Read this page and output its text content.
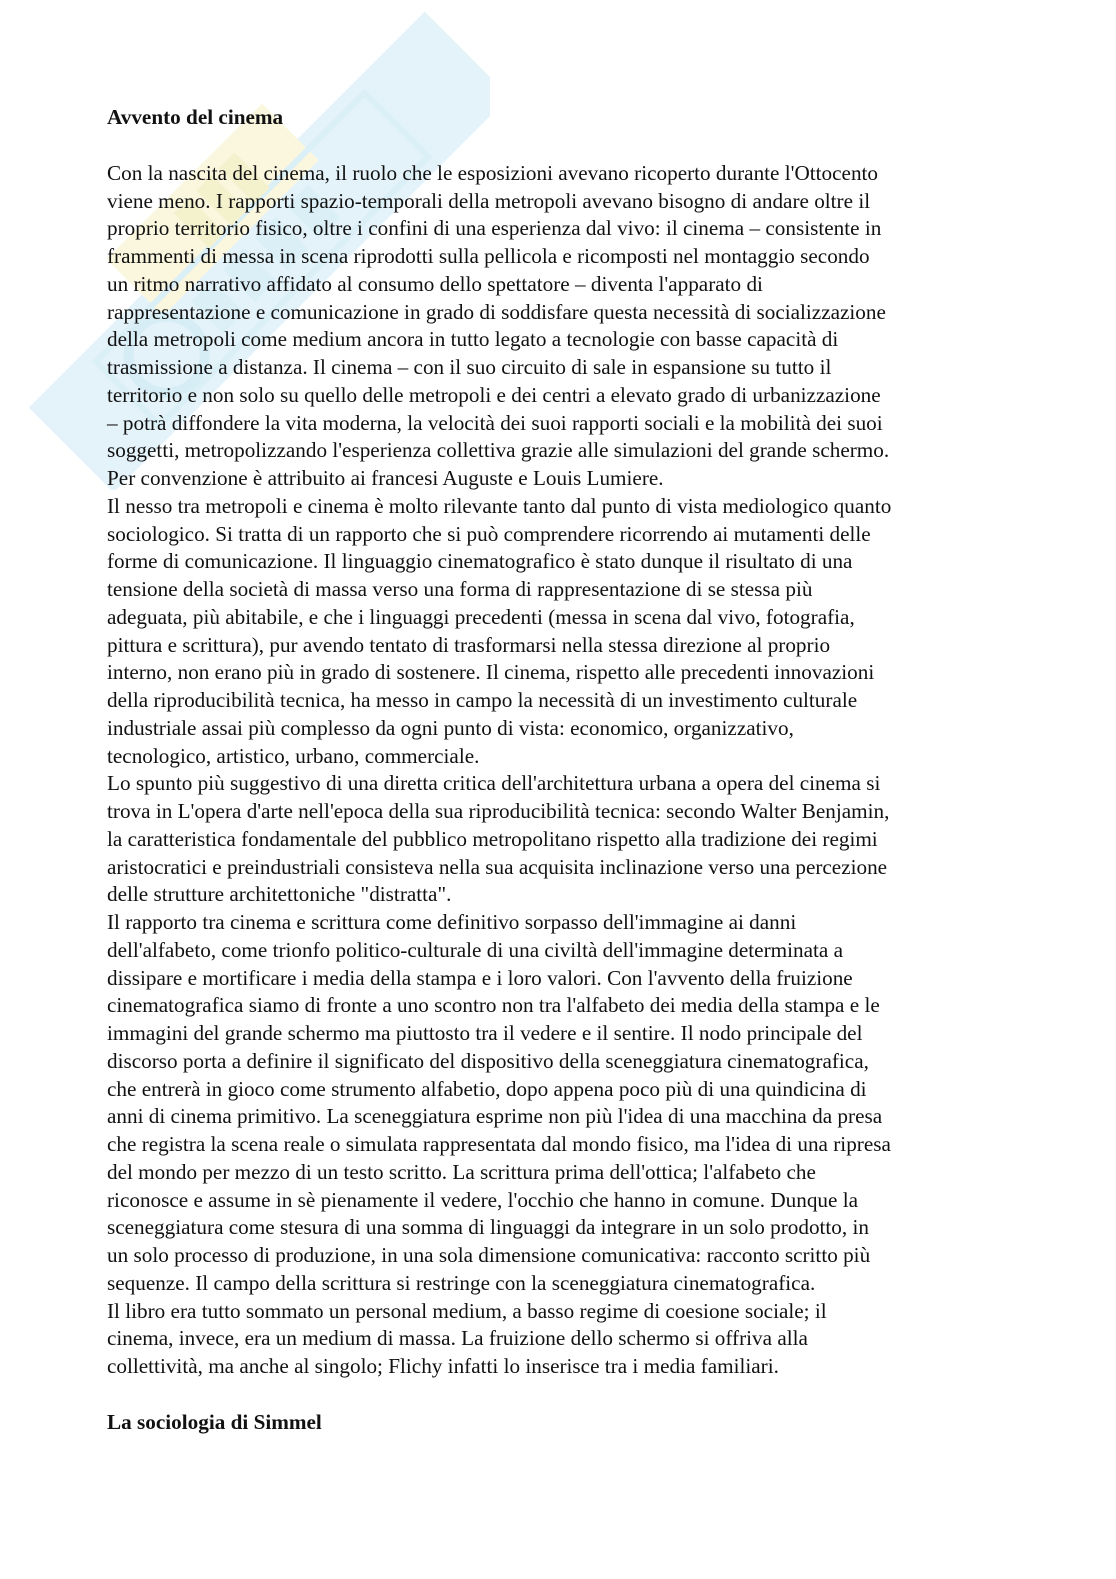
Avvento del cinema

Con la nascita del cinema, il ruolo che le esposizioni avevano ricoperto durante l'Ottocento
viene meno. I rapporti spazio-temporali della metropoli avevano bisogno di andare oltre il
proprio territorio fisico, oltre i confini di una esperienza dal vivo: il cinema – consistente in
frammenti di messa in scena riprodotti sulla pellicola e ricomposti nel montaggio secondo
un ritmo narrativo affidato al consumo dello spettatore – diventa l'apparato di
rappresentazione e comunicazione in grado di soddisfare questa necessità di socializzazione
della metropoli come medium ancora in tutto legato a tecnologie con basse capacità di
trasmissione a distanza. Il cinema – con il suo circuito di sale in espansione su tutto il
territorio e non solo su quello delle metropoli e dei centri a elevato grado di urbanizzazione
– potrà diffondere la vita moderna, la velocità dei suoi rapporti sociali e la mobilità dei suoi
soggetti, metropolizzando l'esperienza collettiva grazie alle simulazioni del grande schermo.
Per convenzione è attribuito ai francesi Auguste e Louis Lumiere.

Il nesso tra metropoli e cinema è molto rilevante tanto dal punto di vista mediologico quanto
sociologico. Si tratta di un rapporto che si può comprendere ricorrendo ai mutamenti delle
forme di comunicazione. Il linguaggio cinematografico è stato dunque il risultato di una
tensione della società di massa verso una forma di rappresentazione di se stessa più
adeguata, più abitabile, e che i linguaggi precedenti (messa in scena dal vivo, fotografia,
pittura e scrittura), pur avendo tentato di trasformarsi nella stessa direzione al proprio
interno, non erano più in grado di sostenere. Il cinema, rispetto alle precedenti innovazioni
della riproducibilità tecnica, ha messo in campo la necessità di un investimento culturale
industriale assai più complesso da ogni punto di vista: economico, organizzativo,
tecnologico, artistico, urbano, commerciale.

Lo spunto più suggestivo di una diretta critica dell'architettura urbana a opera del cinema si
trova in L'opera d'arte nell'epoca della sua riproducibilità tecnica: secondo Walter Benjamin,
la caratteristica fondamentale del pubblico metropolitano rispetto alla tradizione dei regimi
aristocratici e preindustriali consisteva nella sua acquisita inclinazione verso una percezione
delle strutture architettoniche "distratta".

Il rapporto tra cinema e scrittura come definitivo sorpasso dell'immagine ai danni
dell'alfabeto, come trionfo politico-culturale di una civiltà dell'immagine determinata a
dissipare e mortificare i media della stampa e i loro valori. Con l'avvento della fruizione
cinematografica siamo di fronte a uno scontro non tra l'alfabeto dei media della stampa e le
immagini del grande schermo ma piuttosto tra il vedere e il sentire. Il nodo principale del
discorso porta a definire il significato del dispositivo della sceneggiatura cinematografica,
che entrerà in gioco come strumento alfabetio, dopo appena poco più di una quindicina di
anni di cinema primitivo. La sceneggiatura esprime non più l'idea di una macchina da presa
che registra la scena reale o simulata rappresentata dal mondo fisico, ma l'idea di una ripresa
del mondo per mezzo di un testo scritto. La scrittura prima dell'ottica; l'alfabeto che
riconosce e assume in sè pienamente il vedere, l'occhio che hanno in comune. Dunque la
sceneggiatura come stesura di una somma di linguaggi da integrare in un solo prodotto, in
un solo processo di produzione, in una sola dimensione comunicativa: racconto scritto più
sequenze. Il campo della scrittura si restringe con la sceneggiatura cinematografica.

Il libro era tutto sommato un personal medium, a basso regime di coesione sociale; il
cinema, invece, era un medium di massa. La fruizione dello schermo si offriva alla
collettività, ma anche al singolo; Flichy infatti lo inserisce tra i media familiari.

La sociologia di Simmel
